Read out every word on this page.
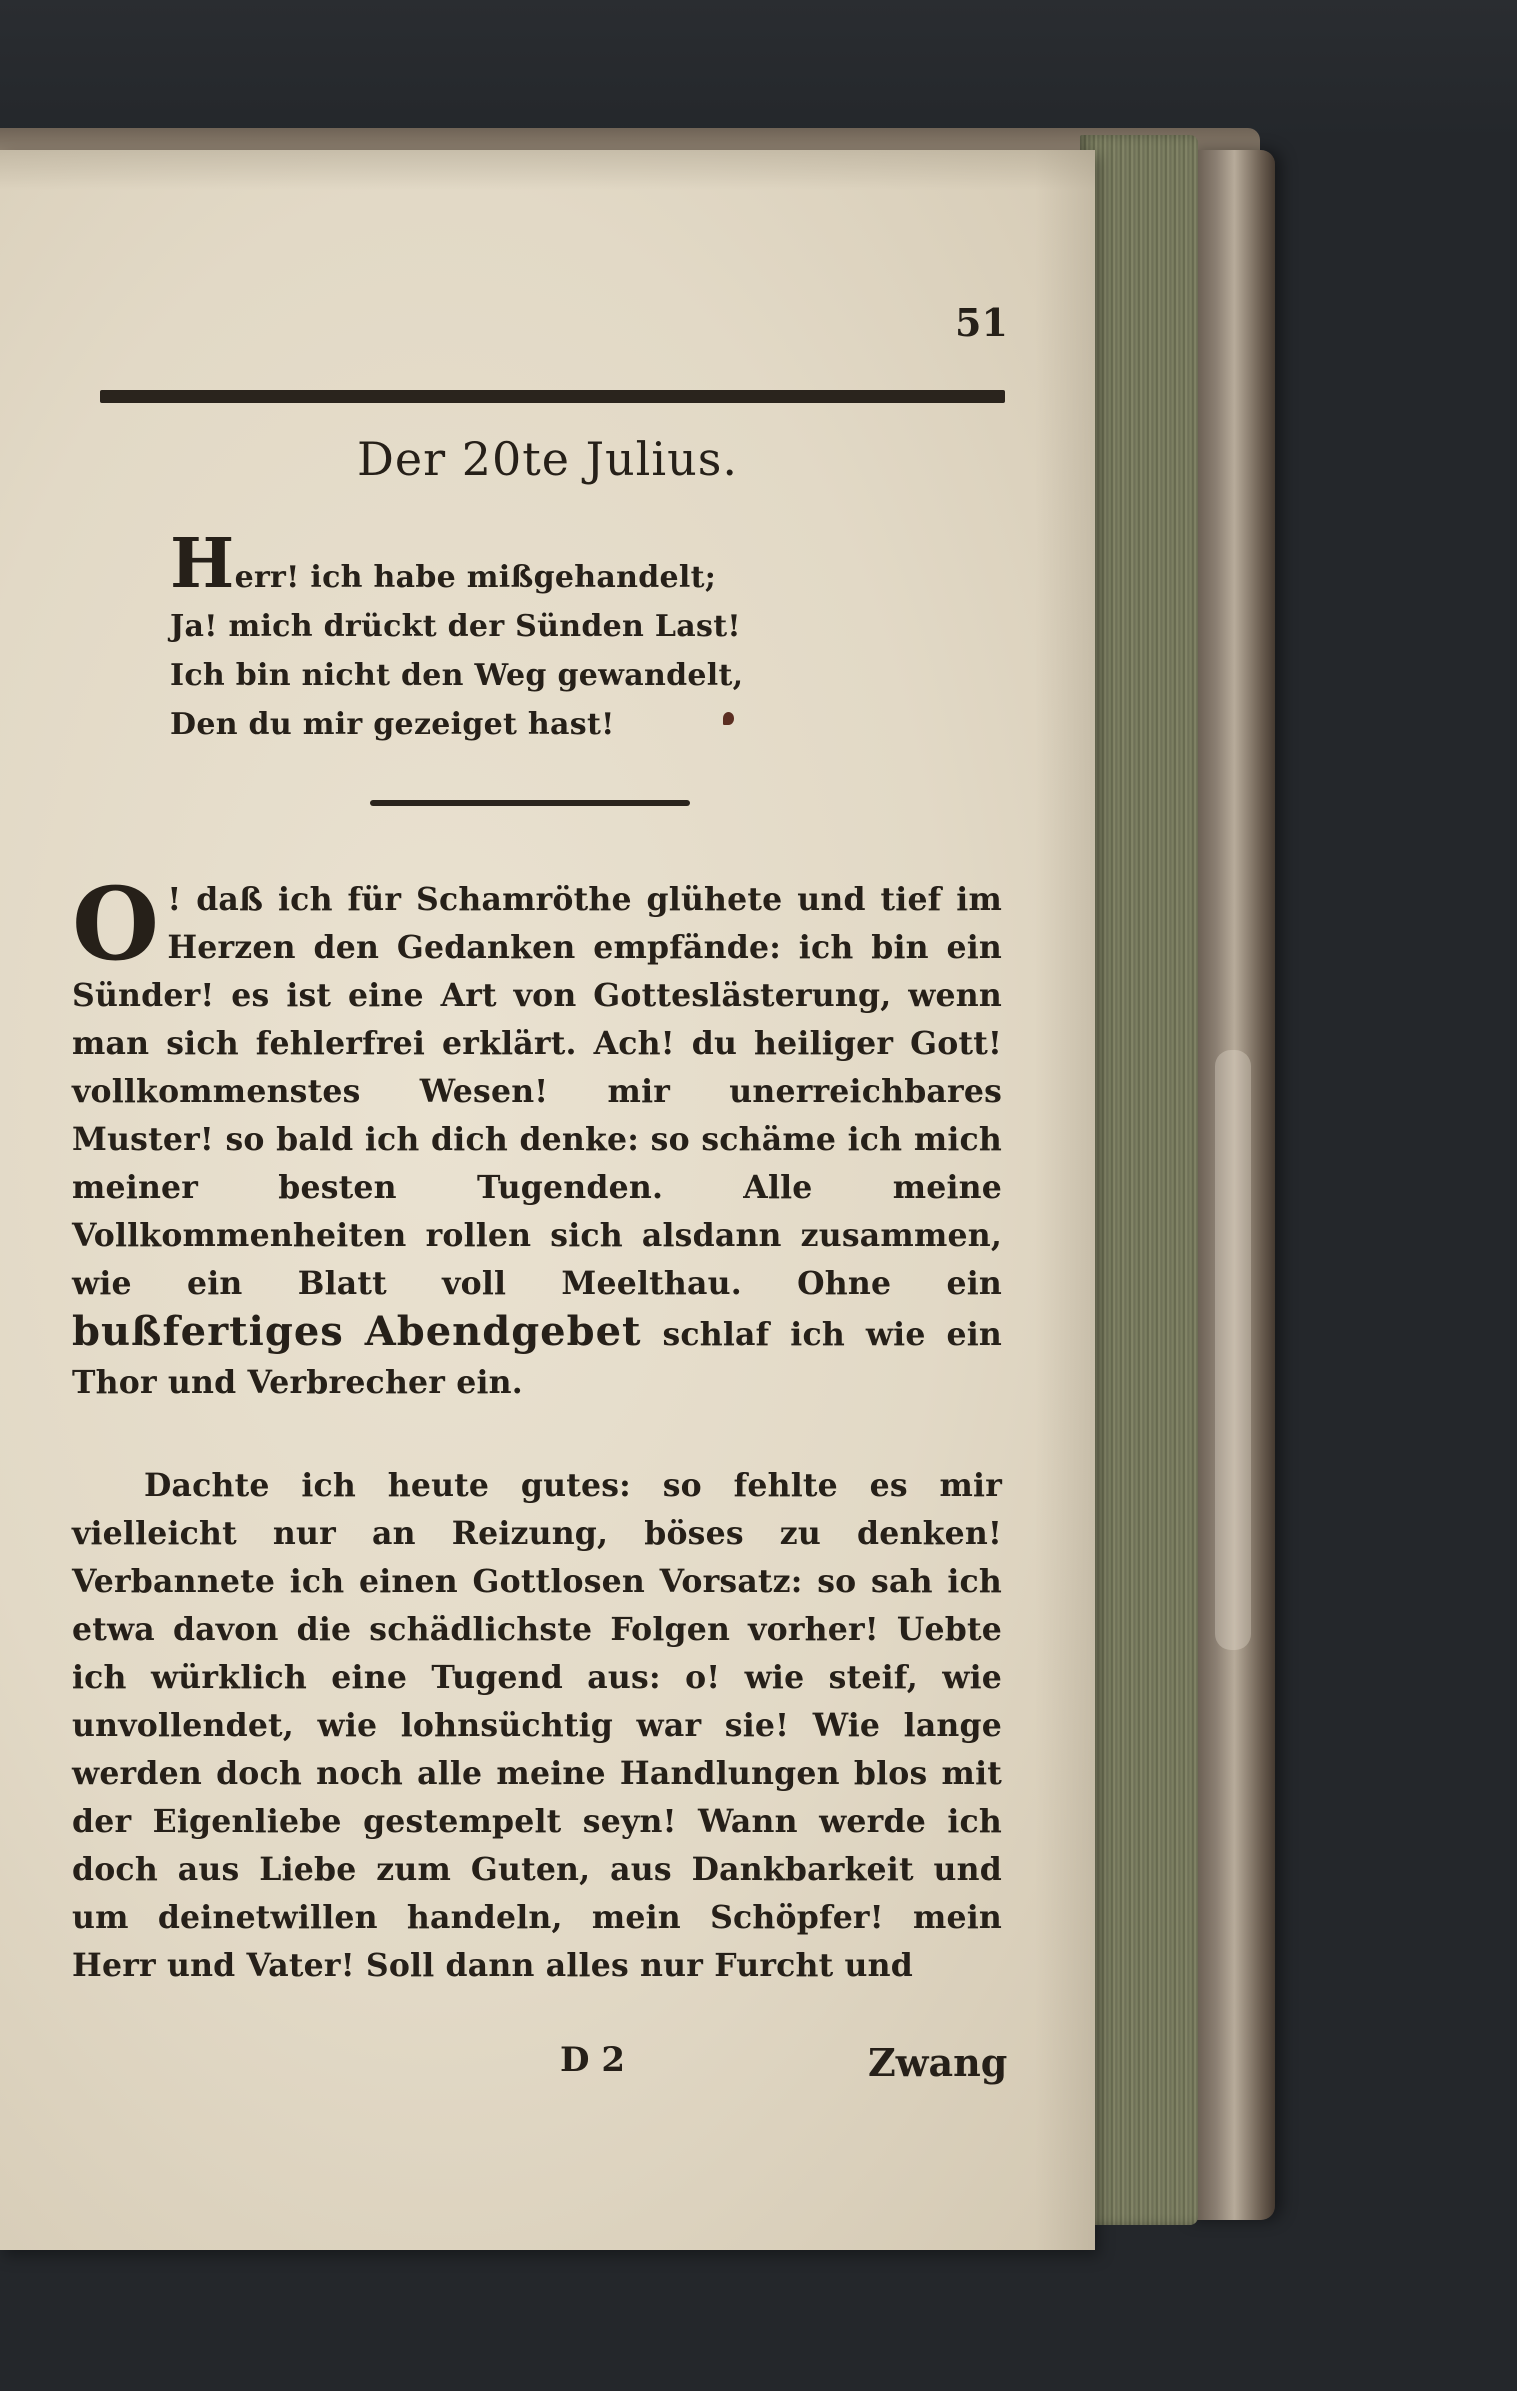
51
Der 20te Julius.
Herr! ich habe mißgehandelt;
Ja! mich drückt der Sünden Last!
Ich bin nicht den Weg gewandelt,
Den du mir gezeiget hast!

O ! daß ich für Schamröthe glühete und tief im Herzen den Gedanken empfände: ich bin ein Sünder! es ist eine Art von Gotteslästerung, wenn man sich fehlerfrei erklärt. Ach! du heiliger Gott! vollkommenstes Wesen! mir unerreichbares Muster! so bald ich dich denke: so schäme ich mich meiner besten Tugenden. Alle meine Vollkommenheiten rollen sich alsdann zusammen, wie ein Blatt voll Meelthau. Ohne ein bußfertiges Abendgebet schlaf ich wie ein Thor und Verbrecher ein.

Dachte ich heute gutes: so fehlte es mir vielleicht nur an Reizung, böses zu denken! Verbannete ich einen Gottlosen Vorsatz: so sah ich etwa davon die schädlichste Folgen vorher! Uebte ich würklich eine Tugend aus: o! wie steif, wie unvollendet, wie lohnsüchtig war sie! Wie lange werden doch noch alle meine Handlungen blos mit der Eigenliebe gestempelt seyn! Wann werde ich doch aus Liebe zum Guten, aus Dankbarkeit und um deinetwillen handeln, mein Schöpfer! mein Herr und Vater! Soll dann alles nur Furcht und

D 2	Zwang
